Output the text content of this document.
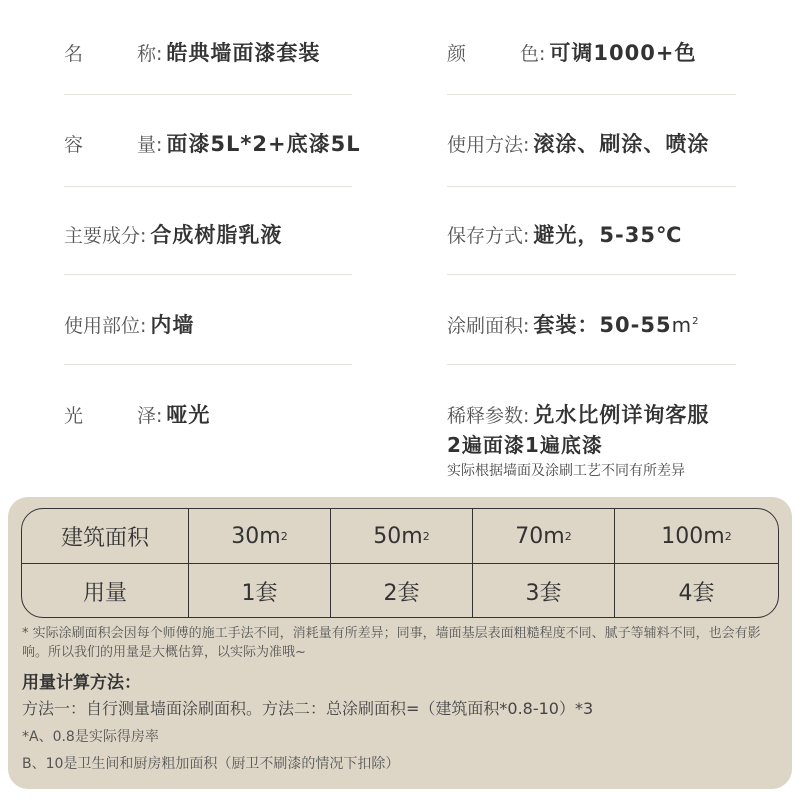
名称 : 皓典墙面漆套装	颜色 : 可调1000+色
容量 : 面漆5L*2+底漆5L	使用方法 : 滚涂、刷涂、喷涂
主要成分 : 合成树脂乳液	保存方式 : 避光，5-35℃
使用部位 : 内墙	涂刷面积 : 套装：$50-55m^2$
光泽 : 哑光	稀释参数 : 兑水比例详询客服
2遍面漆1遍底漆
实际根据墙面及涂刷工艺不同有所差异
建筑面积	30m 2	50m 2	70m 2	100m 2
用量	1套	2套	3套	4套
* 实际涂刷面积会因每个师傅的施工手法不同，消耗量有所差异；同事，墙面基层表面粗糙程度不同、腻子等辅料不同，也会有影响。所以我们的用量是大概估算，以实际为准哦~
用量计算方法：
方法一：自行测量墙面涂刷面积。方法二：总涂刷面积=（建筑面积*0.8-10）*3
*A、0.8是实际得房率
B、10是卫生间和厨房粗加面积（厨卫不刷漆的情况下扣除）
